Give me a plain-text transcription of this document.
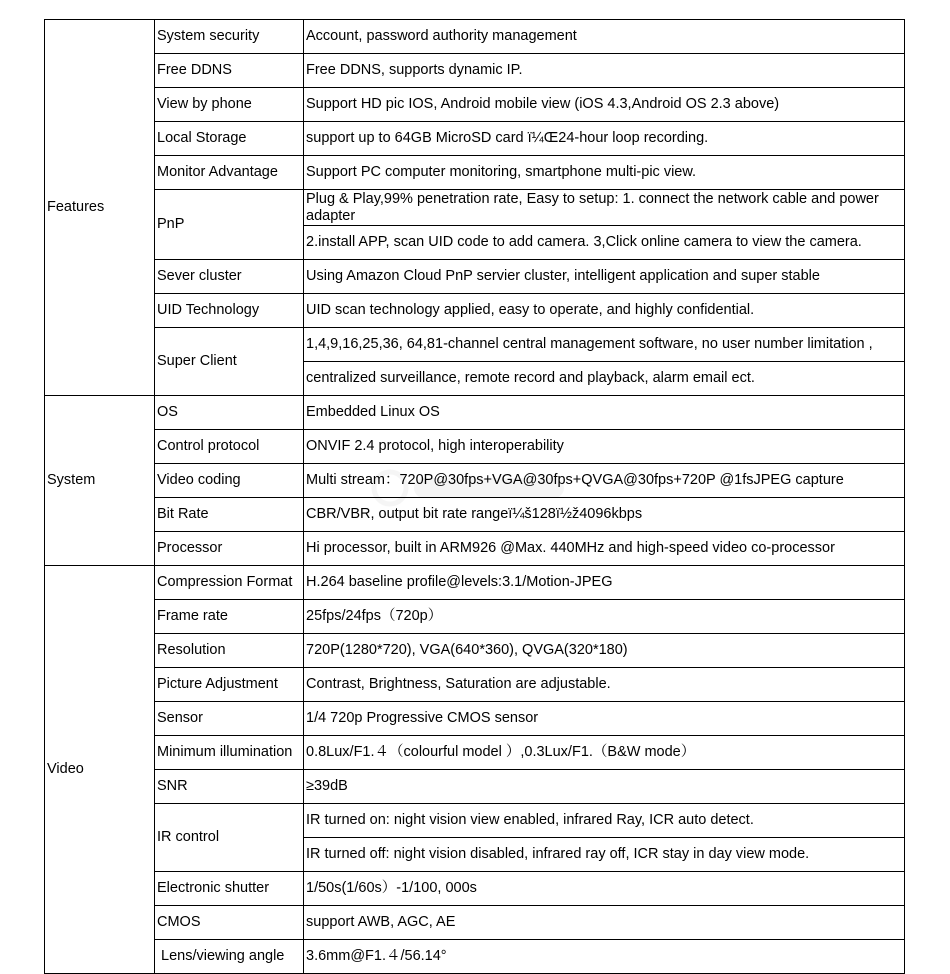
Features	System security	Account, password authority management
	Free DDNS	Free DDNS, supports dynamic IP.
	View by phone	Support HD pic IOS, Android mobile view (iOS 4.3,Android OS 2.3 above)
	Local Storage	support up to 64GB MicroSD card ï¼Œ24-hour loop recording.
	Monitor Advantage	Support PC computer monitoring, smartphone multi-pic view.
	PnP	Plug & Play,99% penetration rate, Easy to setup: 1. connect the network cable and power adapter
		2.install APP, scan UID code to add camera. 3,Click online camera to view the camera.
	Sever cluster	Using Amazon Cloud PnP servier cluster, intelligent application and super stable
	UID Technology	UID scan technology applied, easy to operate, and highly confidential.
	Super Client	1,4,9,16,25,36, 64,81-channel central management software, no user number limitation ,
		centralized surveillance, remote record and playback, alarm email ect.
System	OS	Embedded Linux OS
	Control protocol	ONVIF 2.4 protocol, high interoperability
	Video coding	Multi stream：720P@30fps+VGA@30fps+QVGA@30fps+720P @1fsJPEG capture
	Bit Rate	CBR/VBR, output bit rate rangeï¼š128ï½ž4096kbps
	Processor	Hi processor, built in ARM926 @Max. 440MHz and high-speed video co-processor
Video	Compression Format	H.264 baseline profile@levels:3.1/Motion-JPEG
	Frame rate	25fps/24fps（720p）
	Resolution	720P(1280*720), VGA(640*360), QVGA(320*180)
	Picture Adjustment	Contrast, Brightness, Saturation are adjustable.
	Sensor	1/4 720p Progressive CMOS sensor
	Minimum illumination	0.8Lux/F1.４（colourful model ）,0.3Lux/F1.（B&W mode）
	SNR	≥39dB
	IR control	IR turned on: night vision view enabled, infrared Ray, ICR auto detect.
		IR turned off: night vision disabled, infrared ray off, ICR stay in day view mode.
	Electronic shutter	1/50s(1/60s）-1/100, 000s
	CMOS	support AWB, AGC, AE
	Lens/viewing angle	3.6mm@F1.４/56.14°
